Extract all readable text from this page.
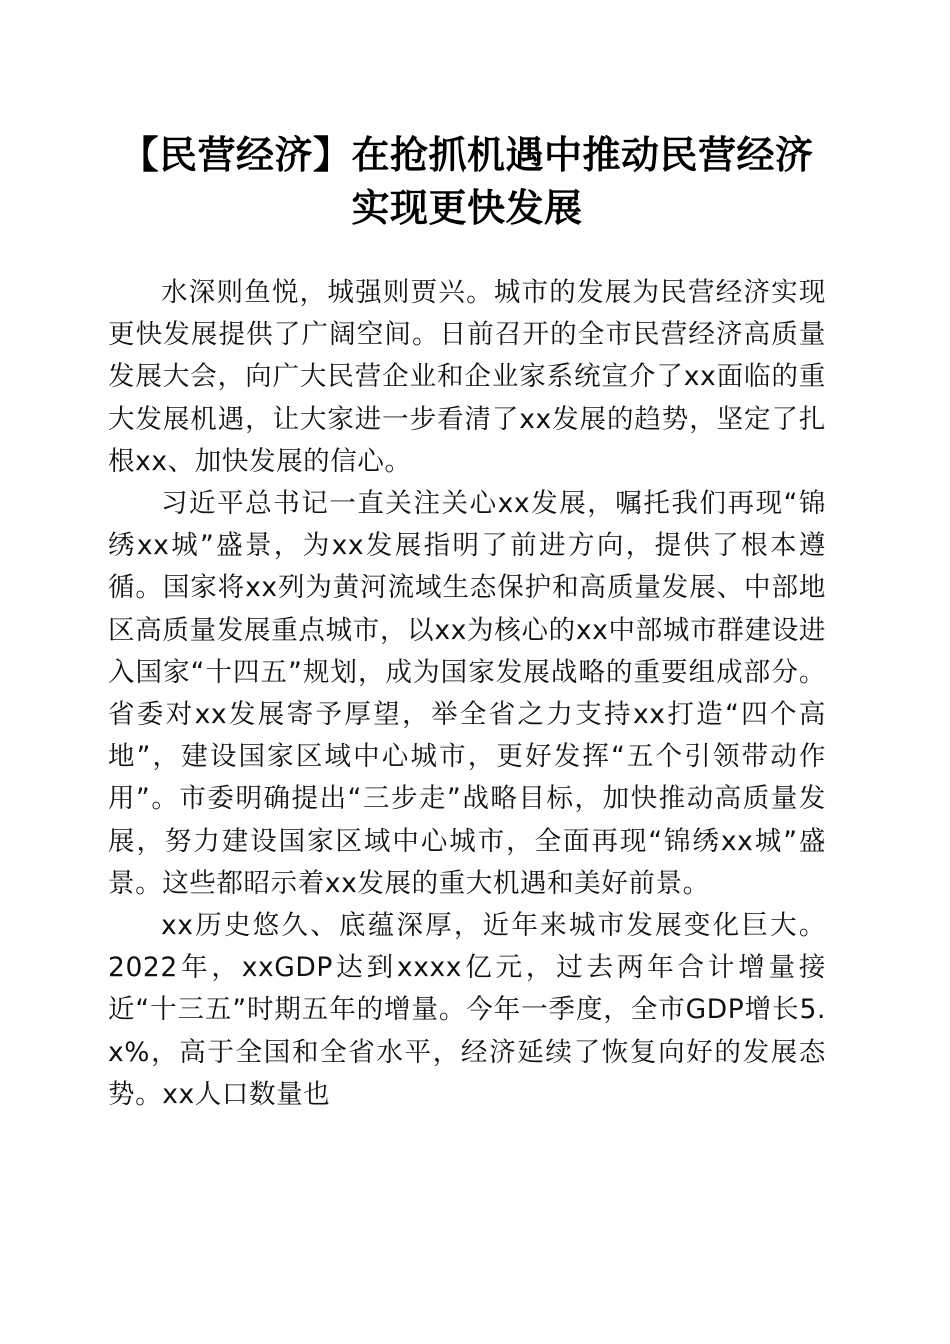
【民营经济】在抢抓机遇中推动民营经济实现更快发展

水深则鱼悦，城强则贾兴。城市的发展为民营经济实现更快发展提供了广阔空间。日前召开的全市民营经济高质量发展大会，向广大民营企业和企业家系统宣介了xx面临的重大发展机遇，让大家进一步看清了xx发展的趋势，坚定了扎根xx、加快发展的信心。

习近平总书记一直关注关心xx发展，嘱托我们再现“锦绣xx城”盛景，为xx发展指明了前进方向，提供了根本遵循。国家将xx列为黄河流域生态保护和高质量发展、中部地区高质量发展重点城市，以xx为核心的xx中部城市群建设进入国家“十四五”规划，成为国家发展战略的重要组成部分。省委对xx发展寄予厚望，举全省之力支持xx打造“四个高地”，建设国家区域中心城市，更好发挥“五个引领带动作用”。市委明确提出“三步走”战略目标，加快推动高质量发展，努力建设国家区域中心城市，全面再现“锦绣xx城”盛景。这些都昭示着xx发展的重大机遇和美好前景。

xx历史悠久、底蕴深厚，近年来城市发展变化巨大。2022年，xxGDP达到xxxx亿元，过去两年合计增量接近“十三五”时期五年的增量。今年一季度，全市GDP增长5. x%，高于全国和全省水平，经济延续了恢复向好的发展态势。xx人口数量也
